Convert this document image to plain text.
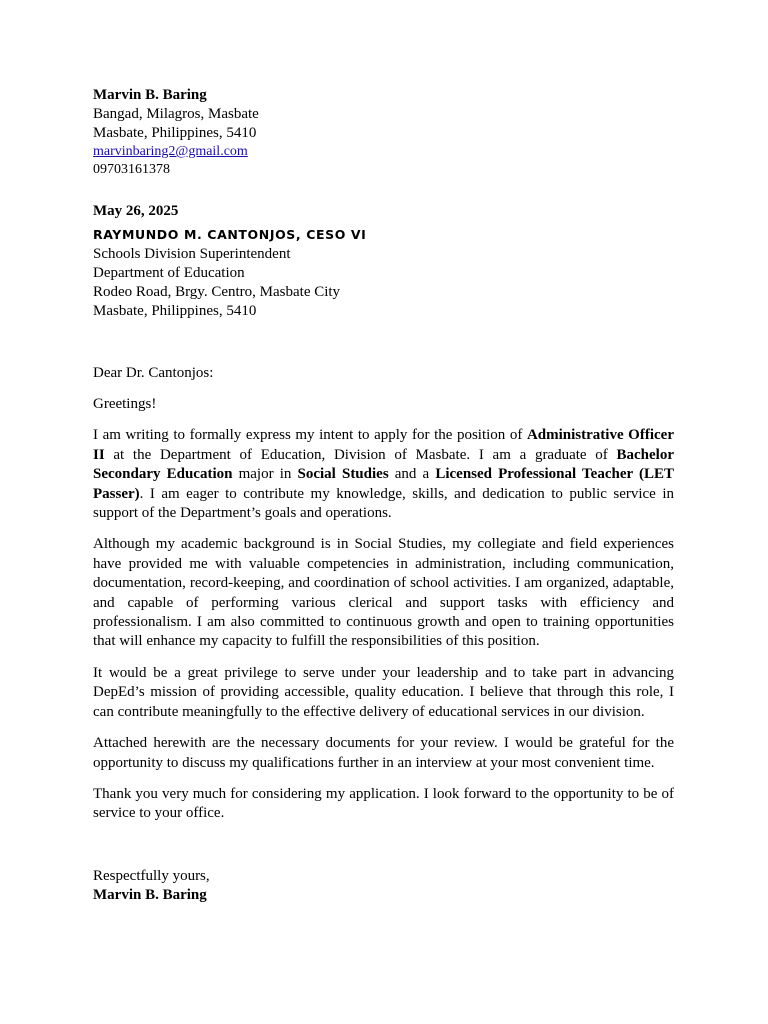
Marvin B. Baring
Bangad, Milagros, Masbate
Masbate, Philippines, 5410
marvinbaring2@gmail.com
09703161378
May 26, 2025
RAYMUNDO M. CANTONJOS, CESO VI
Schools Division Superintendent
Department of Education
Rodeo Road, Brgy. Centro, Masbate City
Masbate, Philippines, 5410
Dear Dr. Cantonjos:

Greetings!

I am writing to formally express my intent to apply for the position of Administrative Officer II at the Department of Education, Division of Masbate. I am a graduate of Bachelor Secondary Education major in Social Studies and a Licensed Professional Teacher (LET Passer). I am eager to contribute my knowledge, skills, and dedication to public service in support of the Department’s goals and operations.

Although my academic background is in Social Studies, my collegiate and field experiences have provided me with valuable competencies in administration, including communication, documentation, record-keeping, and coordination of school activities. I am organized, adaptable, and capable of performing various clerical and support tasks with efficiency and professionalism. I am also committed to continuous growth and open to training opportunities that will enhance my capacity to fulfill the responsibilities of this position.

It would be a great privilege to serve under your leadership and to take part in advancing DepEd’s mission of providing accessible, quality education. I believe that through this role, I can contribute meaningfully to the effective delivery of educational services in our division.

Attached herewith are the necessary documents for your review. I would be grateful for the opportunity to discuss my qualifications further in an interview at your most convenient time.

Thank you very much for considering my application. I look forward to the opportunity to be of service to your office.

Respectfully yours,
Marvin B. Baring
